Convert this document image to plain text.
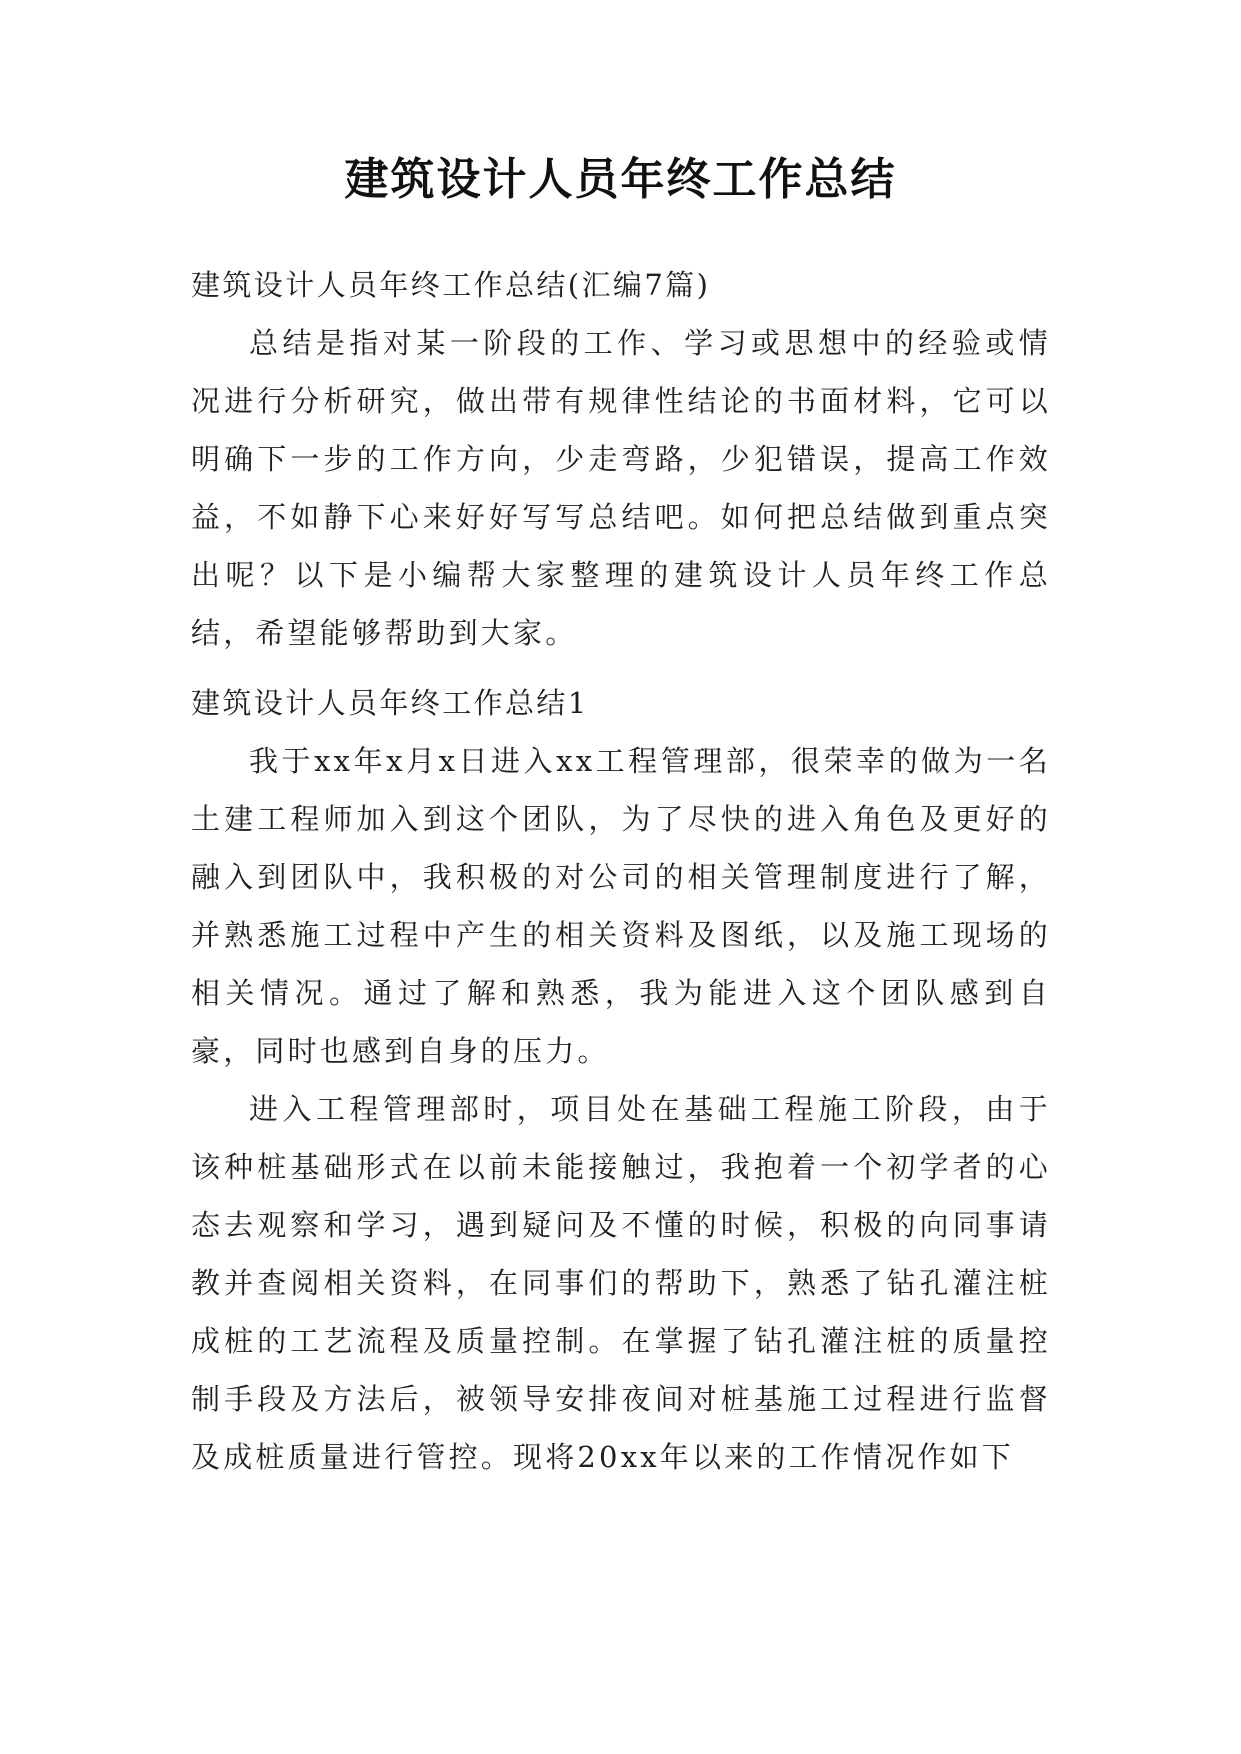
建筑设计人员年终工作总结
建筑设计人员年终工作总结(汇编7篇)

总结是指对某一阶段的工作、学习或思想中的经验或情况进行分析研究，做出带有规律性结论的书面材料，它可以明确下一步的工作方向，少走弯路，少犯错误，提高工作效益，不如静下心来好好写写总结吧。如何把总结做到重点突出呢？以下是小编帮大家整理的建筑设计人员年终工作总结，希望能够帮助到大家。

建筑设计人员年终工作总结1

我于xx年x月x日进入xx工程管理部，很荣幸的做为一名土建工程师加入到这个团队，为了尽快的进入角色及更好的融入到团队中，我积极的对公司的相关管理制度进行了解，并熟悉施工过程中产生的相关资料及图纸，以及施工现场的相关情况。通过了解和熟悉，我为能进入这个团队感到自豪，同时也感到自身的压力。

进入工程管理部时，项目处在基础工程施工阶段，由于该种桩基础形式在以前未能接触过，我抱着一个初学者的心态去观察和学习，遇到疑问及不懂的时候，积极的向同事请教并查阅相关资料，在同事们的帮助下，熟悉了钻孔灌注桩成桩的工艺流程及质量控制。在掌握了钻孔灌注桩的质量控制手段及方法后，被领导安排夜间对桩基施工过程进行监督及成桩质量进行管控。现将20xx年以来的工作情况作如下
